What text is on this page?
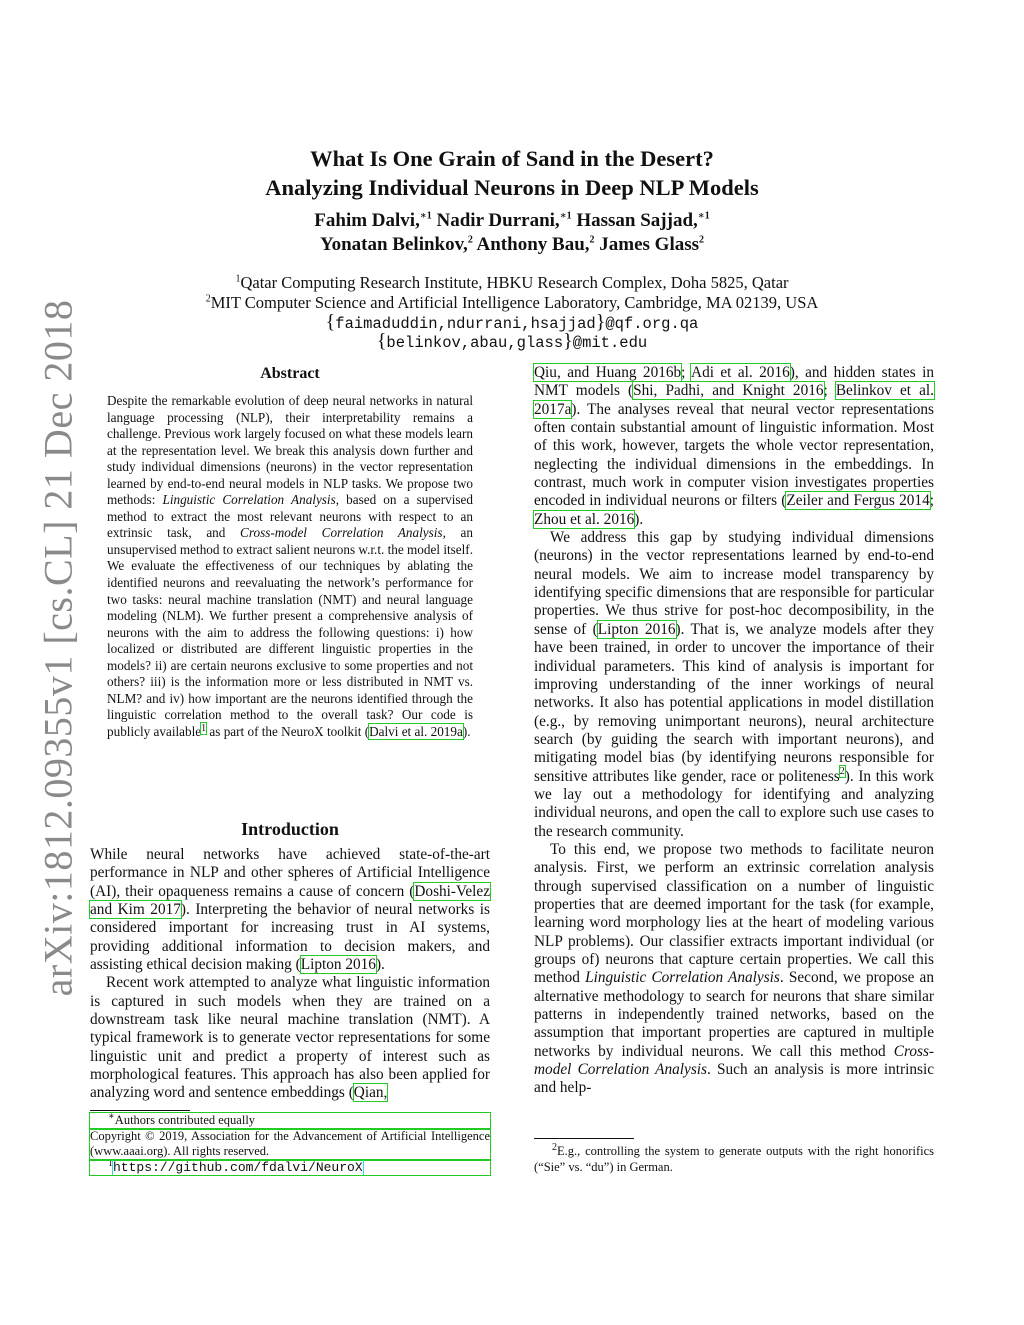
arXiv:1812.09355v1 [cs.CL] 21 Dec 2018
What Is One Grain of Sand in the Desert?
Analyzing Individual Neurons in Deep NLP Models
Fahim Dalvi,$^{∗1}$ Nadir Durrani,$^{∗1}$ Hassan Sajjad,$^{∗1}$
Yonatan Belinkov,$^2$ Anthony Bau,$^2$ James Glass$^2$
$^1$Qatar Computing Research Institute, HBKU Research Complex, Doha 5825, Qatar
$^2$MIT Computer Science and Artificial Intelligence Laboratory, Cambridge, MA 02139, USA
{faimaduddin,ndurrani,hsajjad}@qf.org.qa
{belinkov,abau,glass}@mit.edu
Abstract
Despite the remarkable evolution of deep neural networks in natural language processing (NLP), their interpretability remains a challenge. Previous work largely focused on what these models learn at the representation level. We break this analysis down further and study individual dimensions (neurons) in the vector representation learned by end-to-end neural models in NLP tasks. We propose two methods: Linguistic Correlation Analysis, based on a supervised method to extract the most relevant neurons with respect to an extrinsic task, and Cross-model Correlation Analysis, an unsupervised method to extract salient neurons w.r.t. the model itself. We evaluate the effectiveness of our techniques by ablating the identified neurons and reevaluating the network’s performance for two tasks: neural machine translation (NMT) and neural language modeling (NLM). We further present a comprehensive analysis of neurons with the aim to address the following questions: i) how localized or distributed are different linguistic properties in the models? ii) are certain neurons exclusive to some properties and not others? iii) is the information more or less distributed in NMT vs. NLM? and iv) how important are the neurons identified through the linguistic correlation method to the overall task? Our code is publicly available$^1$ as part of the NeuroX toolkit (Dalvi et al. 2019a).
Introduction

While neural networks have achieved state-of-the-art performance in NLP and other spheres of Artificial Intelligence (AI), their opaqueness remains a cause of concern (Doshi-Velez and Kim 2017). Interpreting the behavior of neural networks is considered important for increasing trust in AI systems, providing additional information to decision makers, and assisting ethical decision making (Lipton 2016).

Recent work attempted to analyze what linguistic information is captured in such models when they are trained on a downstream task like neural machine translation (NMT). A typical framework is to generate vector representations for some linguistic unit and predict a property of interest such as morphological features. This approach has also been applied for analyzing word and sentence embeddings (Qian,

∗Authors contributed equally
Copyright © 2019, Association for the Advancement of Artificial Intelligence (www.aaai.org). All rights reserved.
$^1$https://github.com/fdalvi/NeuroX

Qiu, and Huang 2016b; Adi et al. 2016), and hidden states in NMT models (Shi, Padhi, and Knight 2016; Belinkov et al. 2017a). The analyses reveal that neural vector representations often contain substantial amount of linguistic information. Most of this work, however, targets the whole vector representation, neglecting the individual dimensions in the embeddings. In contrast, much work in computer vision investigates properties encoded in individual neurons or filters (Zeiler and Fergus 2014; Zhou et al. 2016).

We address this gap by studying individual dimensions (neurons) in the vector representations learned by end-to-end neural models. We aim to increase model transparency by identifying specific dimensions that are responsible for particular properties. We thus strive for post-hoc decomposibility, in the sense of (Lipton 2016). That is, we analyze models after they have been trained, in order to uncover the importance of their individual parameters. This kind of analysis is important for improving understanding of the inner workings of neural networks. It also has potential applications in model distillation (e.g., by removing unimportant neurons), neural architecture search (by guiding the search with important neurons), and mitigating model bias (by identifying neurons responsible for sensitive attributes like gender, race or politeness$^2$). In this work we lay out a methodology for identifying and analyzing individual neurons, and open the call to explore such use cases to the research community.

To this end, we propose two methods to facilitate neuron analysis. First, we perform an extrinsic correlation analysis through supervised classification on a number of linguistic properties that are deemed important for the task (for example, learning word morphology lies at the heart of modeling various NLP problems). Our classifier extracts important individual (or groups of) neurons that capture certain properties. We call this method Linguistic Correlation Analysis. Second, we propose an alternative methodology to search for neurons that share similar patterns in independently trained networks, based on the assumption that important properties are captured in multiple networks by individual neurons. We call this method Cross-model Correlation Analysis. Such an analysis is more intrinsic and help-

$^2$E.g., controlling the system to generate outputs with the right honorifics (“Sie” vs. “du”) in German.
